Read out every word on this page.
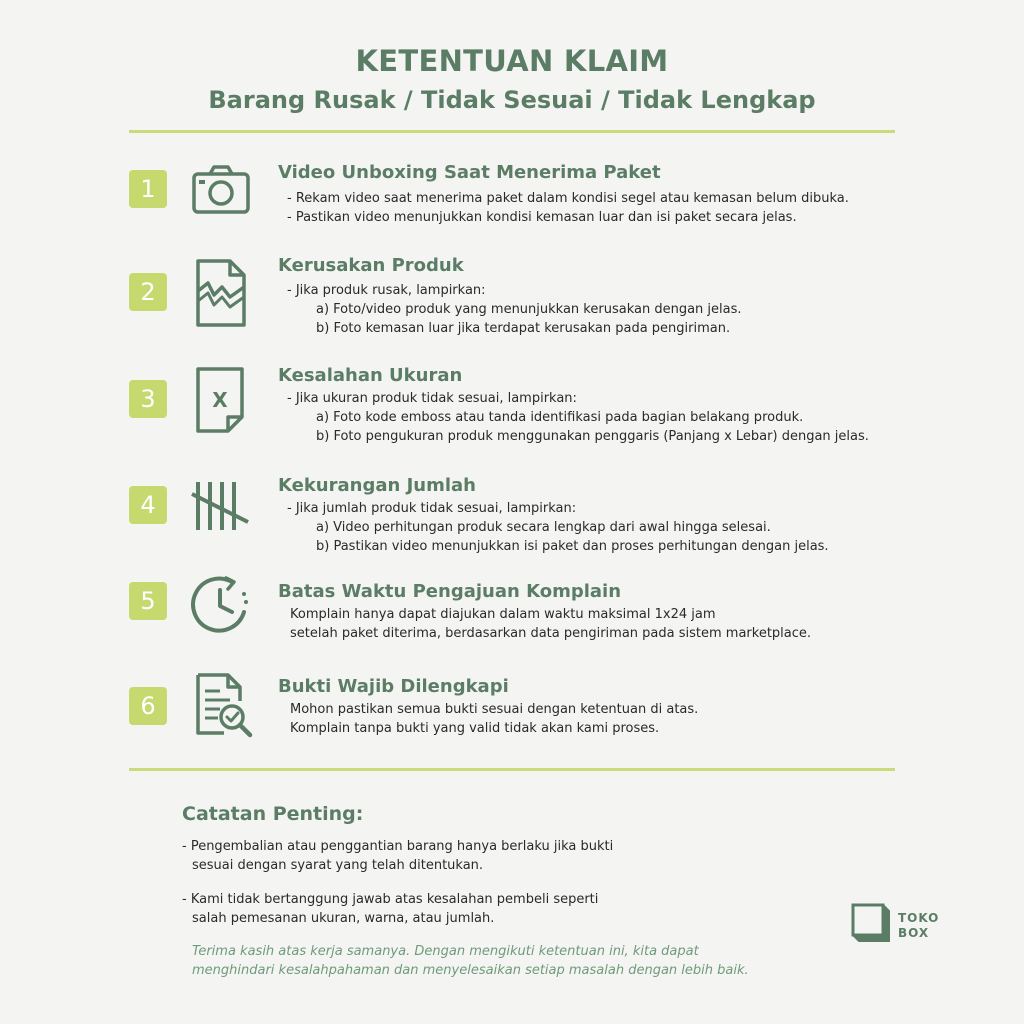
KETENTUAN KLAIM
Barang Rusak / Tidak Sesuai / Tidak Lengkap
1
Video Unboxing Saat Menerima Paket
- Rekam video saat menerima paket dalam kondisi segel atau kemasan belum dibuka.
- Pastikan video menunjukkan kondisi kemasan luar dan isi paket secara jelas.
2
Kerusakan Produk
- Jika produk rusak, lampirkan:
a) Foto/video produk yang menunjukkan kerusakan dengan jelas.
b) Foto kemasan luar jika terdapat kerusakan pada pengiriman.
3	X
Kesalahan Ukuran
- Jika ukuran produk tidak sesuai, lampirkan:
a) Foto kode emboss atau tanda identifikasi pada bagian belakang produk.
b) Foto pengukuran produk menggunakan penggaris (Panjang x Lebar) dengan jelas.
4
Kekurangan Jumlah
- Jika jumlah produk tidak sesuai, lampirkan:
a) Video perhitungan produk secara lengkap dari awal hingga selesai.
b) Pastikan video menunjukkan isi paket dan proses perhitungan dengan jelas.
5	Batas Waktu Pengajuan Komplain
Komplain hanya dapat diajukan dalam waktu maksimal 1x24 jam
setelah paket diterima, berdasarkan data pengiriman pada sistem marketplace.
6
Bukti Wajib Dilengkapi
Mohon pastikan semua bukti sesuai dengan ketentuan di atas.
Komplain tanpa bukti yang valid tidak akan kami proses.
Catatan Penting:
- Pengembalian atau penggantian barang hanya berlaku jika bukti
sesuai dengan syarat yang telah ditentukan.
- Kami tidak bertanggung jawab atas kesalahan pembeli seperti
salah pemesanan ukuran, warna, atau jumlah.
Terima kasih atas kerja samanya. Dengan mengikuti ketentuan ini, kita dapat
menghindari kesalahpahaman dan menyelesaikan setiap masalah dengan lebih baik.
TOKO
BOX
